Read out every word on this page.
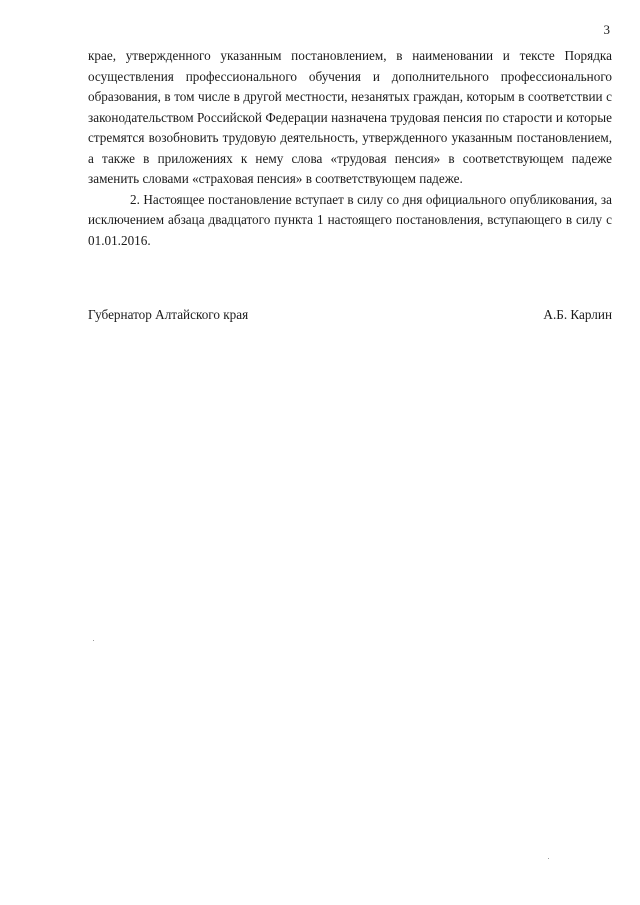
3

крае, утвержденного указанным постановлением, в наименовании и тексте Порядка осуществления профессионального обучения и дополнительного профессионального образования, в том числе в другой местности, незанятых граждан, которым в соответствии с законодательством Российской Федерации назначена трудовая пенсия по старости и которые стремятся возобновить трудовую деятельность, утвержденного указанным постановлением, а также в приложениях к нему слова «трудовая пенсия» в соответствующем падеже заменить словами «страховая пенсия» в соответствующем падеже.

2. Настоящее постановление вступает в силу со дня официального опубликования, за исключением абзаца двадцатого пункта 1 настоящего постановления, вступающего в силу с 01.01.2016.

Губернатор Алтайского края	А.Б. Карлин
